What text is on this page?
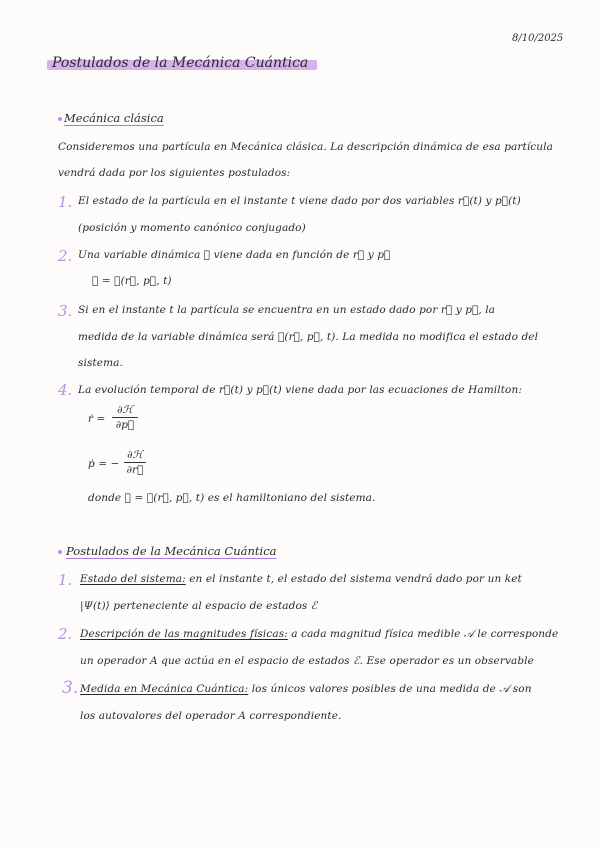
8/10/2025
Postulados de la Mecánica Cuántica
Mecánica clásica
Consideremos una partícula en Mecánica clásica. La descripción dinámica de esa partícula
vendrá dada por los siguientes postulados:
1. El estado de la partícula en el instante t viene dado por dos variables r⃗(t) y p⃗(t)
(posición y momento canónico conjugado)
2. Una variable dinámica 𝒜 viene dada en función de r⃗ y p⃗
𝒜 = 𝒜(r⃗, p⃗, t)
3. Si en el instante t la partícula se encuentra en un estado dado por r⃗ y p⃗, la
medida de la variable dinámica será 𝒜(r⃗, p⃗, t). La medida no modifica el estado del
sistema.
4. La evolución temporal de r⃗(t) y p⃗(t) viene dada por las ecuaciones de Hamilton:
ṙ =
∂ℋ
∂p⃗
ṗ = −
∂ℋ
∂r⃗
donde ℋ = ℋ(r⃗, p⃗, t) es el hamiltoniano del sistema.
Postulados de la Mecánica Cuántica
1. Estado del sistema: en el instante t, el estado del sistema vendrá dado por un ket
|Ψ(t)⟩ perteneciente al espacio de estados ℰ
2. Descripción de las magnitudes físicas: a cada magnitud física medible 𝒜 le corresponde
un operador A que actúa en el espacio de estados ℰ. Ese operador es un observable
3. Medida en Mecánica Cuántica: los únicos valores posibles de una medida de 𝒜 son
los autovalores del operador A correspondiente.
